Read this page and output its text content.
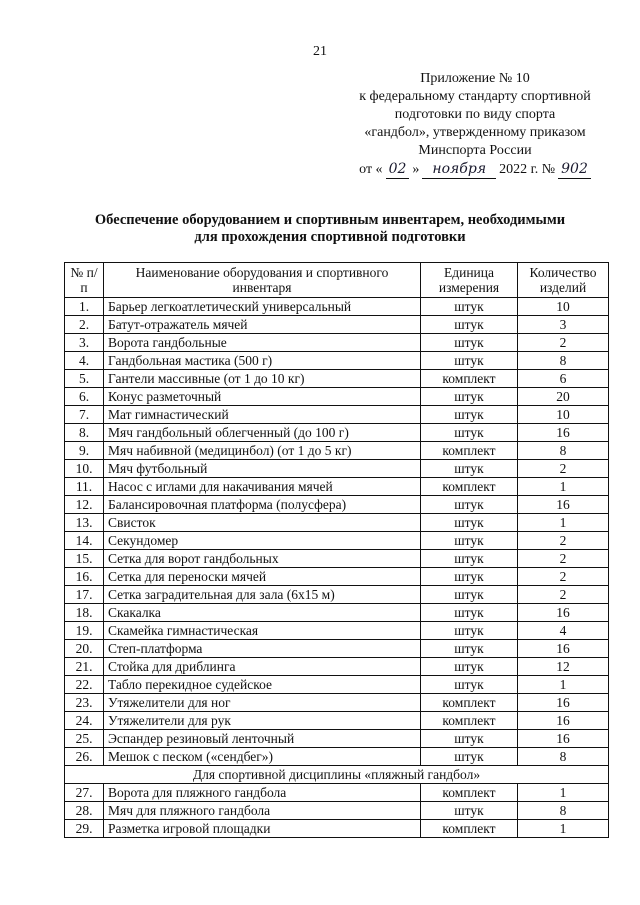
21
Приложение № 10
к федеральному стандарту спортивной
подготовки по виду спорта
«гандбол», утвержденному приказом
Минспорта России
от « 02 » ноября 2022 г. № 902
Обеспечение оборудованием и спортивным инвентарем, необходимыми
для прохождения спортивной подготовки
№ п/п	Наименование оборудования и спортивного инвентаря	Единица измерения	Количество изделий
1.	Барьер легкоатлетический универсальный	штук	10
2.	Батут-отражатель мячей	штук	3
3.	Ворота гандбольные	штук	2
4.	Гандбольная мастика (500 г)	штук	8
5.	Гантели массивные (от 1 до 10 кг)	комплект	6
6.	Конус разметочный	штук	20
7.	Мат гимнастический	штук	10
8.	Мяч гандбольный облегченный (до 100 г)	штук	16
9.	Мяч набивной (медицинбол) (от 1 до 5 кг)	комплект	8
10.	Мяч футбольный	штук	2
11.	Насос с иглами для накачивания мячей	комплект	1
12.	Балансировочная платформа (полусфера)	штук	16
13.	Свисток	штук	1
14.	Секундомер	штук	2
15.	Сетка для ворот гандбольных	штук	2
16.	Сетка для переноски мячей	штук	2
17.	Сетка заградительная для зала (6х15 м)	штук	2
18.	Скакалка	штук	16
19.	Скамейка гимнастическая	штук	4
20.	Степ-платформа	штук	16
21.	Стойка для дриблинга	штук	12
22.	Табло перекидное судейское	штук	1
23.	Утяжелители для ног	комплект	16
24.	Утяжелители для рук	комплект	16
25.	Эспандер резиновый ленточный	штук	16
26.	Мешок с песком («сендбег»)	штук	8
Для спортивной дисциплины «пляжный гандбол»			
27.	Ворота для пляжного гандбола	комплект	1
28.	Мяч для пляжного гандбола	штук	8
29.	Разметка игровой площадки	комплект	1
